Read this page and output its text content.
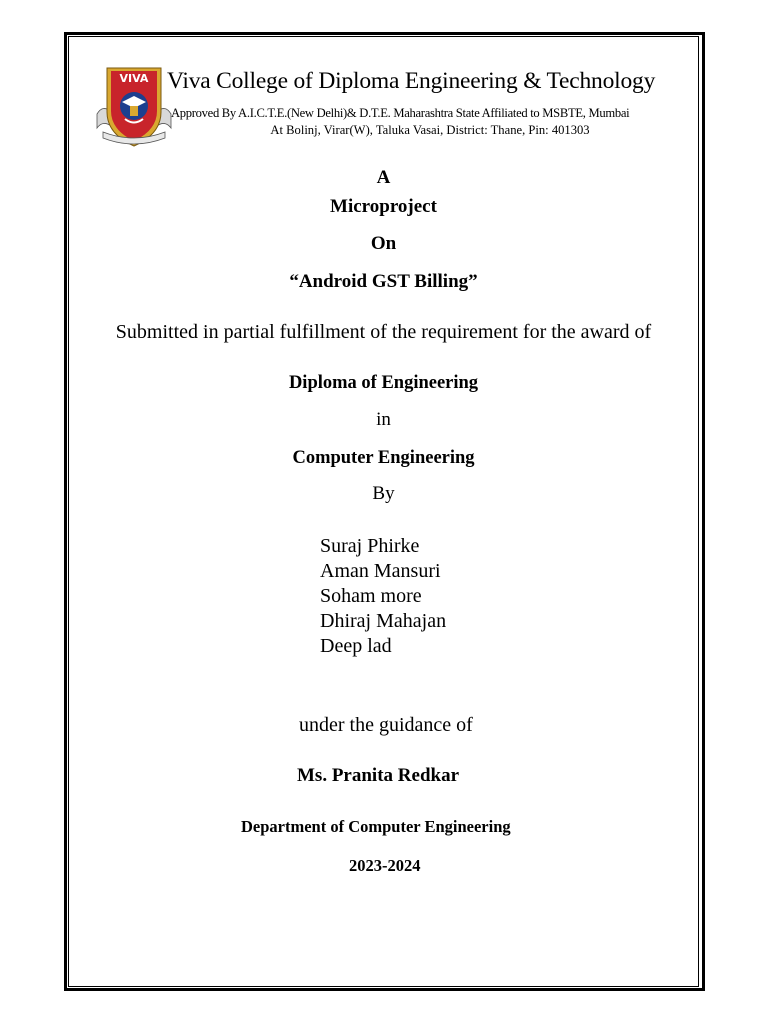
VIVA Viva College of Diploma Engineering & Technology
Approved By A.I.C.T.E.(New Delhi)& D.T.E. Maharashtra State Affiliated to MSBTE, Mumbai
At Bolinj, Virar(W), Taluka Vasai, District: Thane, Pin: 401303
A
Microproject
On
“Android GST Billing”
Submitted in partial fulfillment of the requirement for the award of
Diploma of Engineering
in
Computer Engineering
By
Suraj Phirke
Aman Mansuri
Soham more
Dhiraj Mahajan
Deep lad
under the guidance of
Ms. Pranita Redkar
Department of Computer Engineering
2023-2024
